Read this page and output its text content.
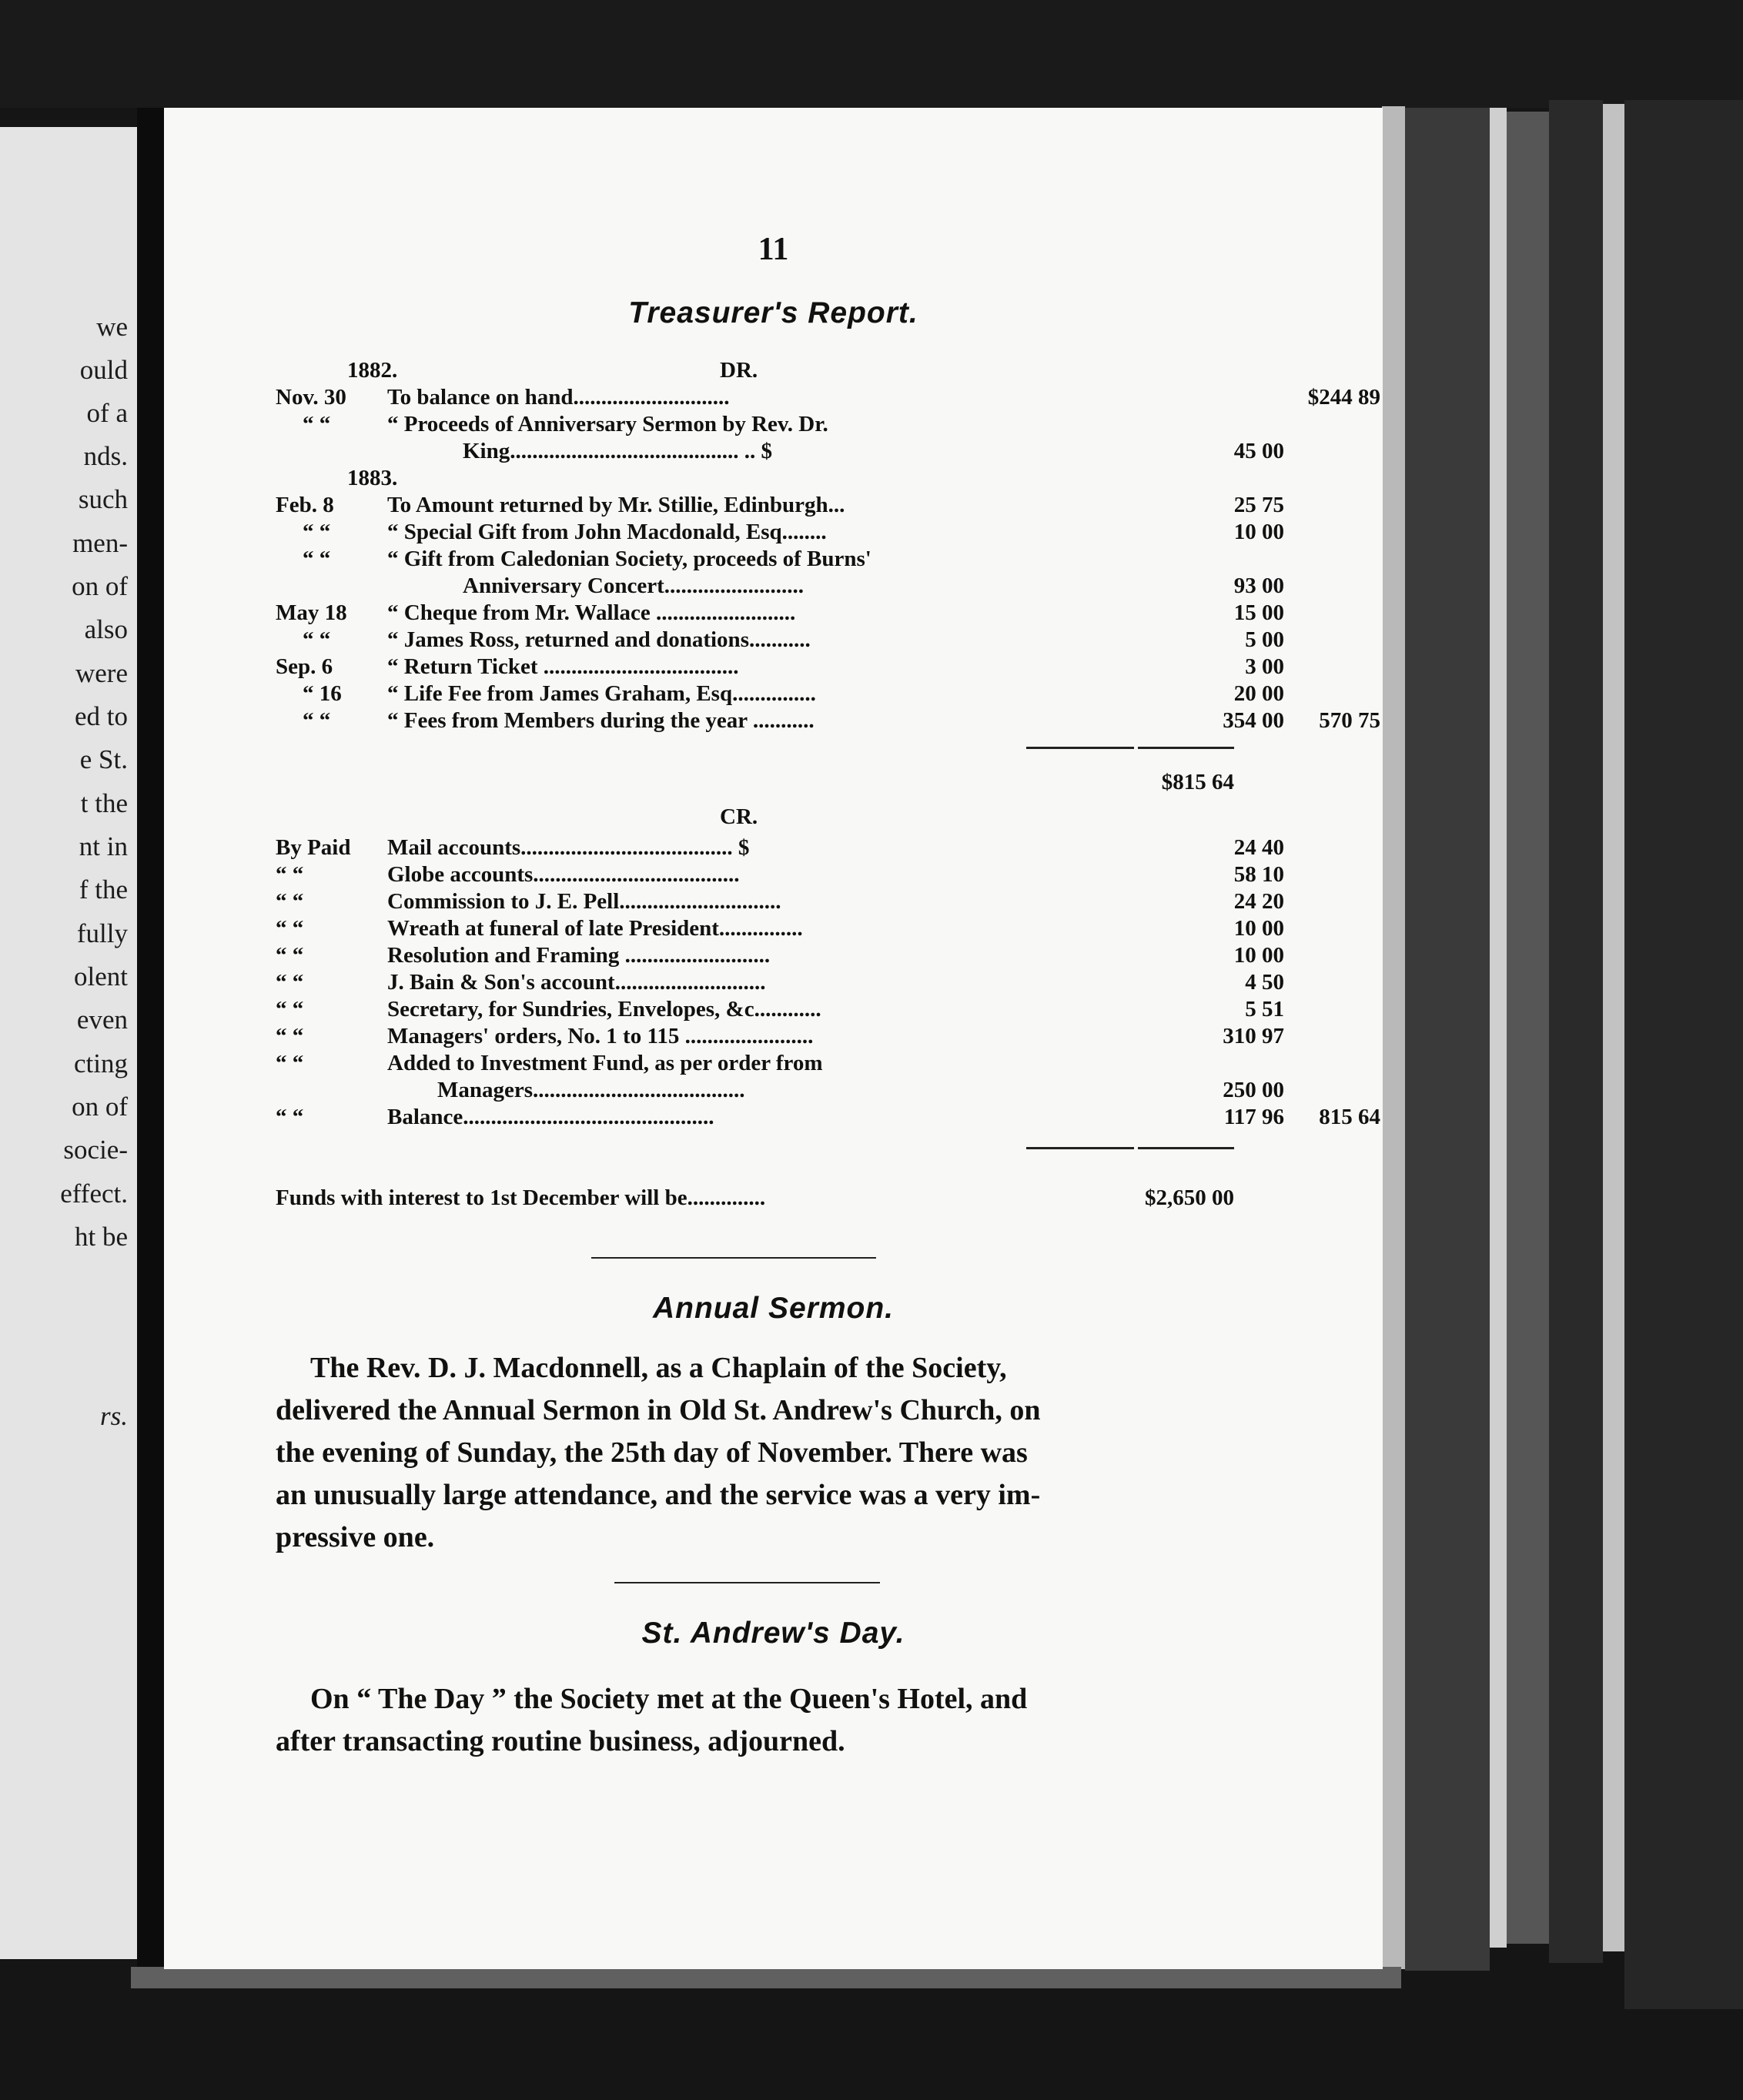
we
ould
of a
nds.
such
men-
on of
also
were
ed to
e St.
t the
nt in
f the
fully
olent
even
cting
on of
socie-
effect.
ht be
rs.
11
Treasurer's Report.
1882.	DR.
Nov. 30 To balance on hand............................	$244 89
“ “	“ Proceeds of Anniversary Sermon by Rev. Dr.
King......................................... .. $	45 00
1883.
Feb. 8 To Amount returned by Mr. Stillie, Edinburgh...	25 75
“ “	“ Special Gift from John Macdonald, Esq........	10 00
“ “	“ Gift from Caledonian Society, proceeds of Burns'
Anniversary Concert.........................	93 00
May 18 “ Cheque from Mr. Wallace .........................	15 00
“ “	“ James Ross, returned and donations...........	5 00
Sep. 6 “ Return Ticket ...................................	3 00
“ 16 “ Life Fee from James Graham, Esq...............	20 00
“ “	“ Fees from Members during the year ...........	354 00	570 75
$815 64
CR.
By Paid Mail accounts...................................... $	24 40
“ “	Globe accounts.....................................	58 10
“ “	Commission to J. E. Pell.............................	24 20
“ “	Wreath at funeral of late President...............	10 00
“ “	Resolution and Framing ..........................	10 00
“ “	J. Bain & Son's account...........................	4 50
“ “	Secretary, for Sundries, Envelopes, &c............	5 51
“ “	Managers' orders, No. 1 to 115 .......................	310 97
“ “	Added to Investment Fund, as per order from
Managers......................................	250 00
“ “	Balance.............................................	117 96	815 64
Funds with interest to 1st December will be..............	$2,650 00
Annual Sermon.
The Rev. D. J. Macdonnell, as a Chaplain of the Society,
delivered the Annual Sermon in Old St. Andrew's Church, on
the evening of Sunday, the 25th day of November. There was
an unusually large attendance, and the service was a very im-
pressive one.
St. Andrew's Day.
On “ The Day ” the Society met at the Queen's Hotel, and
after transacting routine business, adjourned.
